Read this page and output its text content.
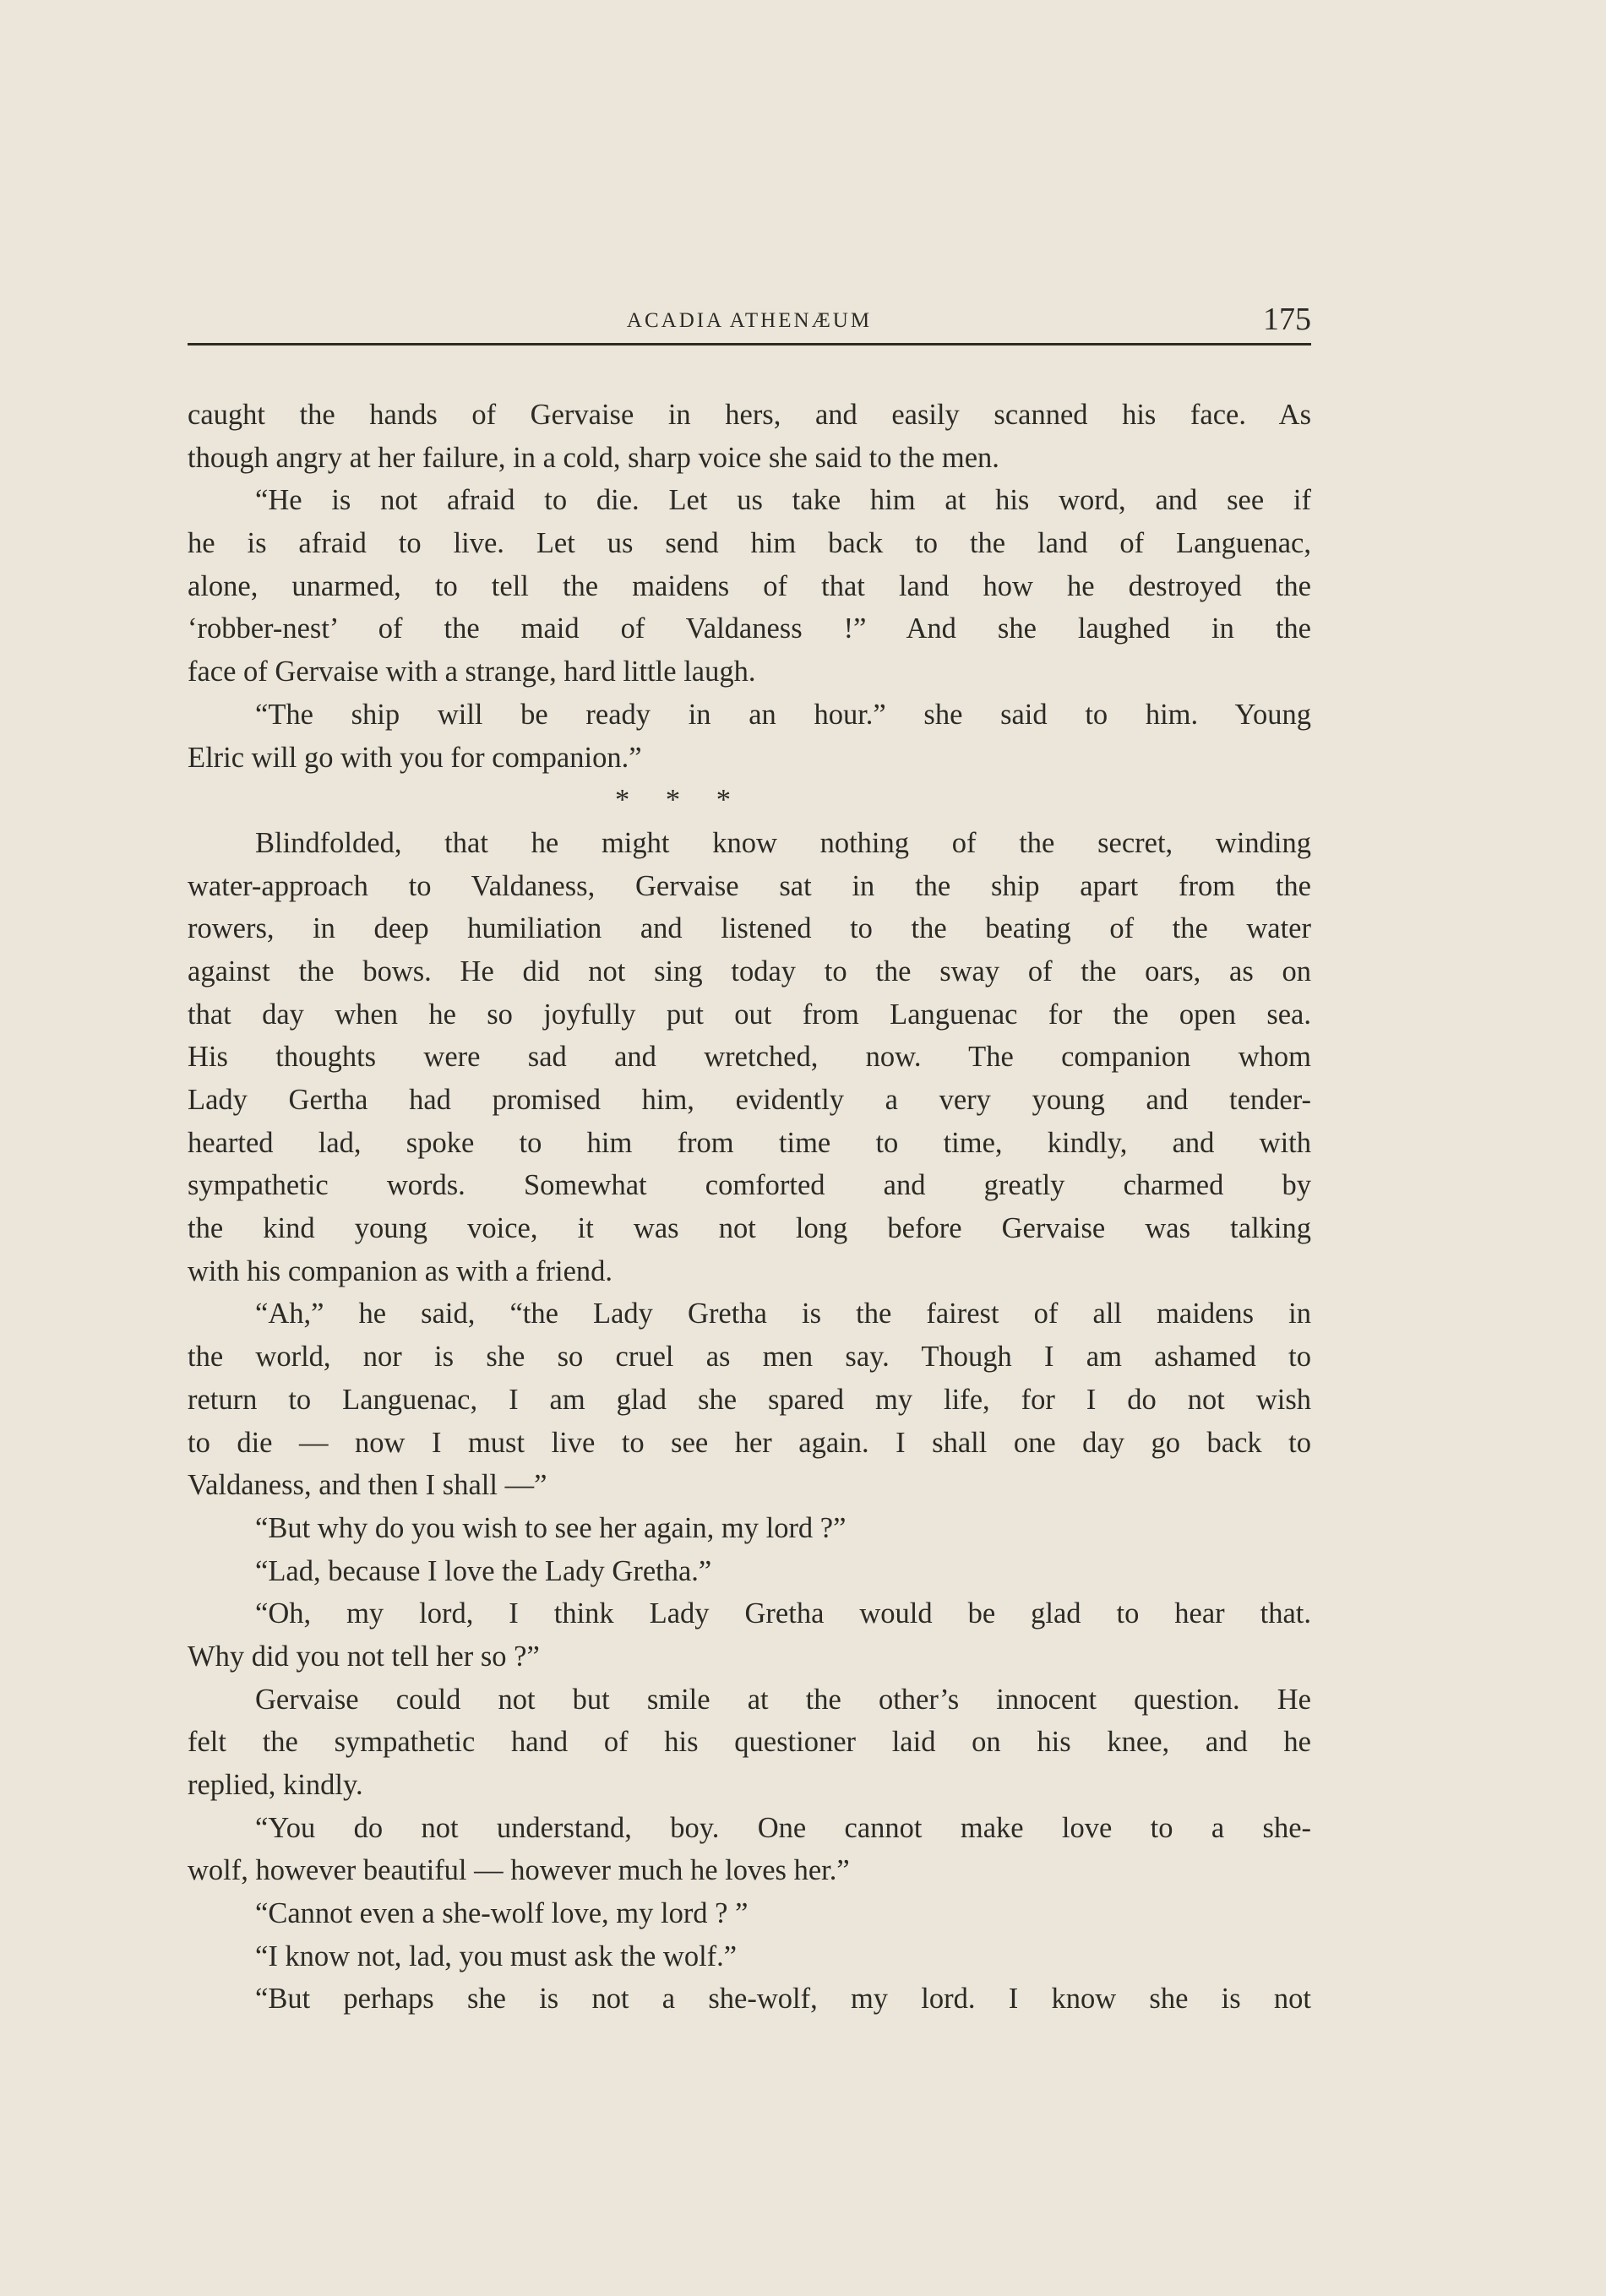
ACADIA ATHENÆUM	175
caught the hands of Gervaise in hers, and easily scanned his face. As
though angry at her failure, in a cold, sharp voice she said to the men.
“He is not afraid to die. Let us take him at his word, and see if
he is afraid to live. Let us send him back to the land of Languenac,
alone, unarmed, to tell the maidens of that land how he destroyed the
‘robber-nest’ of the maid of Valdaness !” And she laughed in the
face of Gervaise with a strange, hard little laugh.
“The ship will be ready in an hour.” she said to him. Young
Elric will go with you for companion.”
* * *
Blindfolded, that he might know nothing of the secret, winding
water-approach to Valdaness, Gervaise sat in the ship apart from the
rowers, in deep humiliation and listened to the beating of the water
against the bows. He did not sing today to the sway of the oars, as on
that day when he so joyfully put out from Languenac for the open sea.
His thoughts were sad and wretched, now. The companion whom
Lady Gertha had promised him, evidently a very young and tender-
hearted lad, spoke to him from time to time, kindly, and with
sympathetic words. Somewhat comforted and greatly charmed by
the kind young voice, it was not long before Gervaise was talking
with his companion as with a friend.
“Ah,” he said, “the Lady Gretha is the fairest of all maidens in
the world, nor is she so cruel as men say. Though I am ashamed to
return to Languenac, I am glad she spared my life, for I do not wish
to die — now I must live to see her again. I shall one day go back to
Valdaness, and then I shall —”
“But why do you wish to see her again, my lord ?”
“Lad, because I love the Lady Gretha.”
“Oh, my lord, I think Lady Gretha would be glad to hear that.
Why did you not tell her so ?”
Gervaise could not but smile at the other’s innocent question. He
felt the sympathetic hand of his questioner laid on his knee, and he
replied, kindly.
“You do not understand, boy. One cannot make love to a she-
wolf, however beautiful — however much he loves her.”
“Cannot even a she-wolf love, my lord ? ”
“I know not, lad, you must ask the wolf.”
“But perhaps she is not a she-wolf, my lord. I know she is not
